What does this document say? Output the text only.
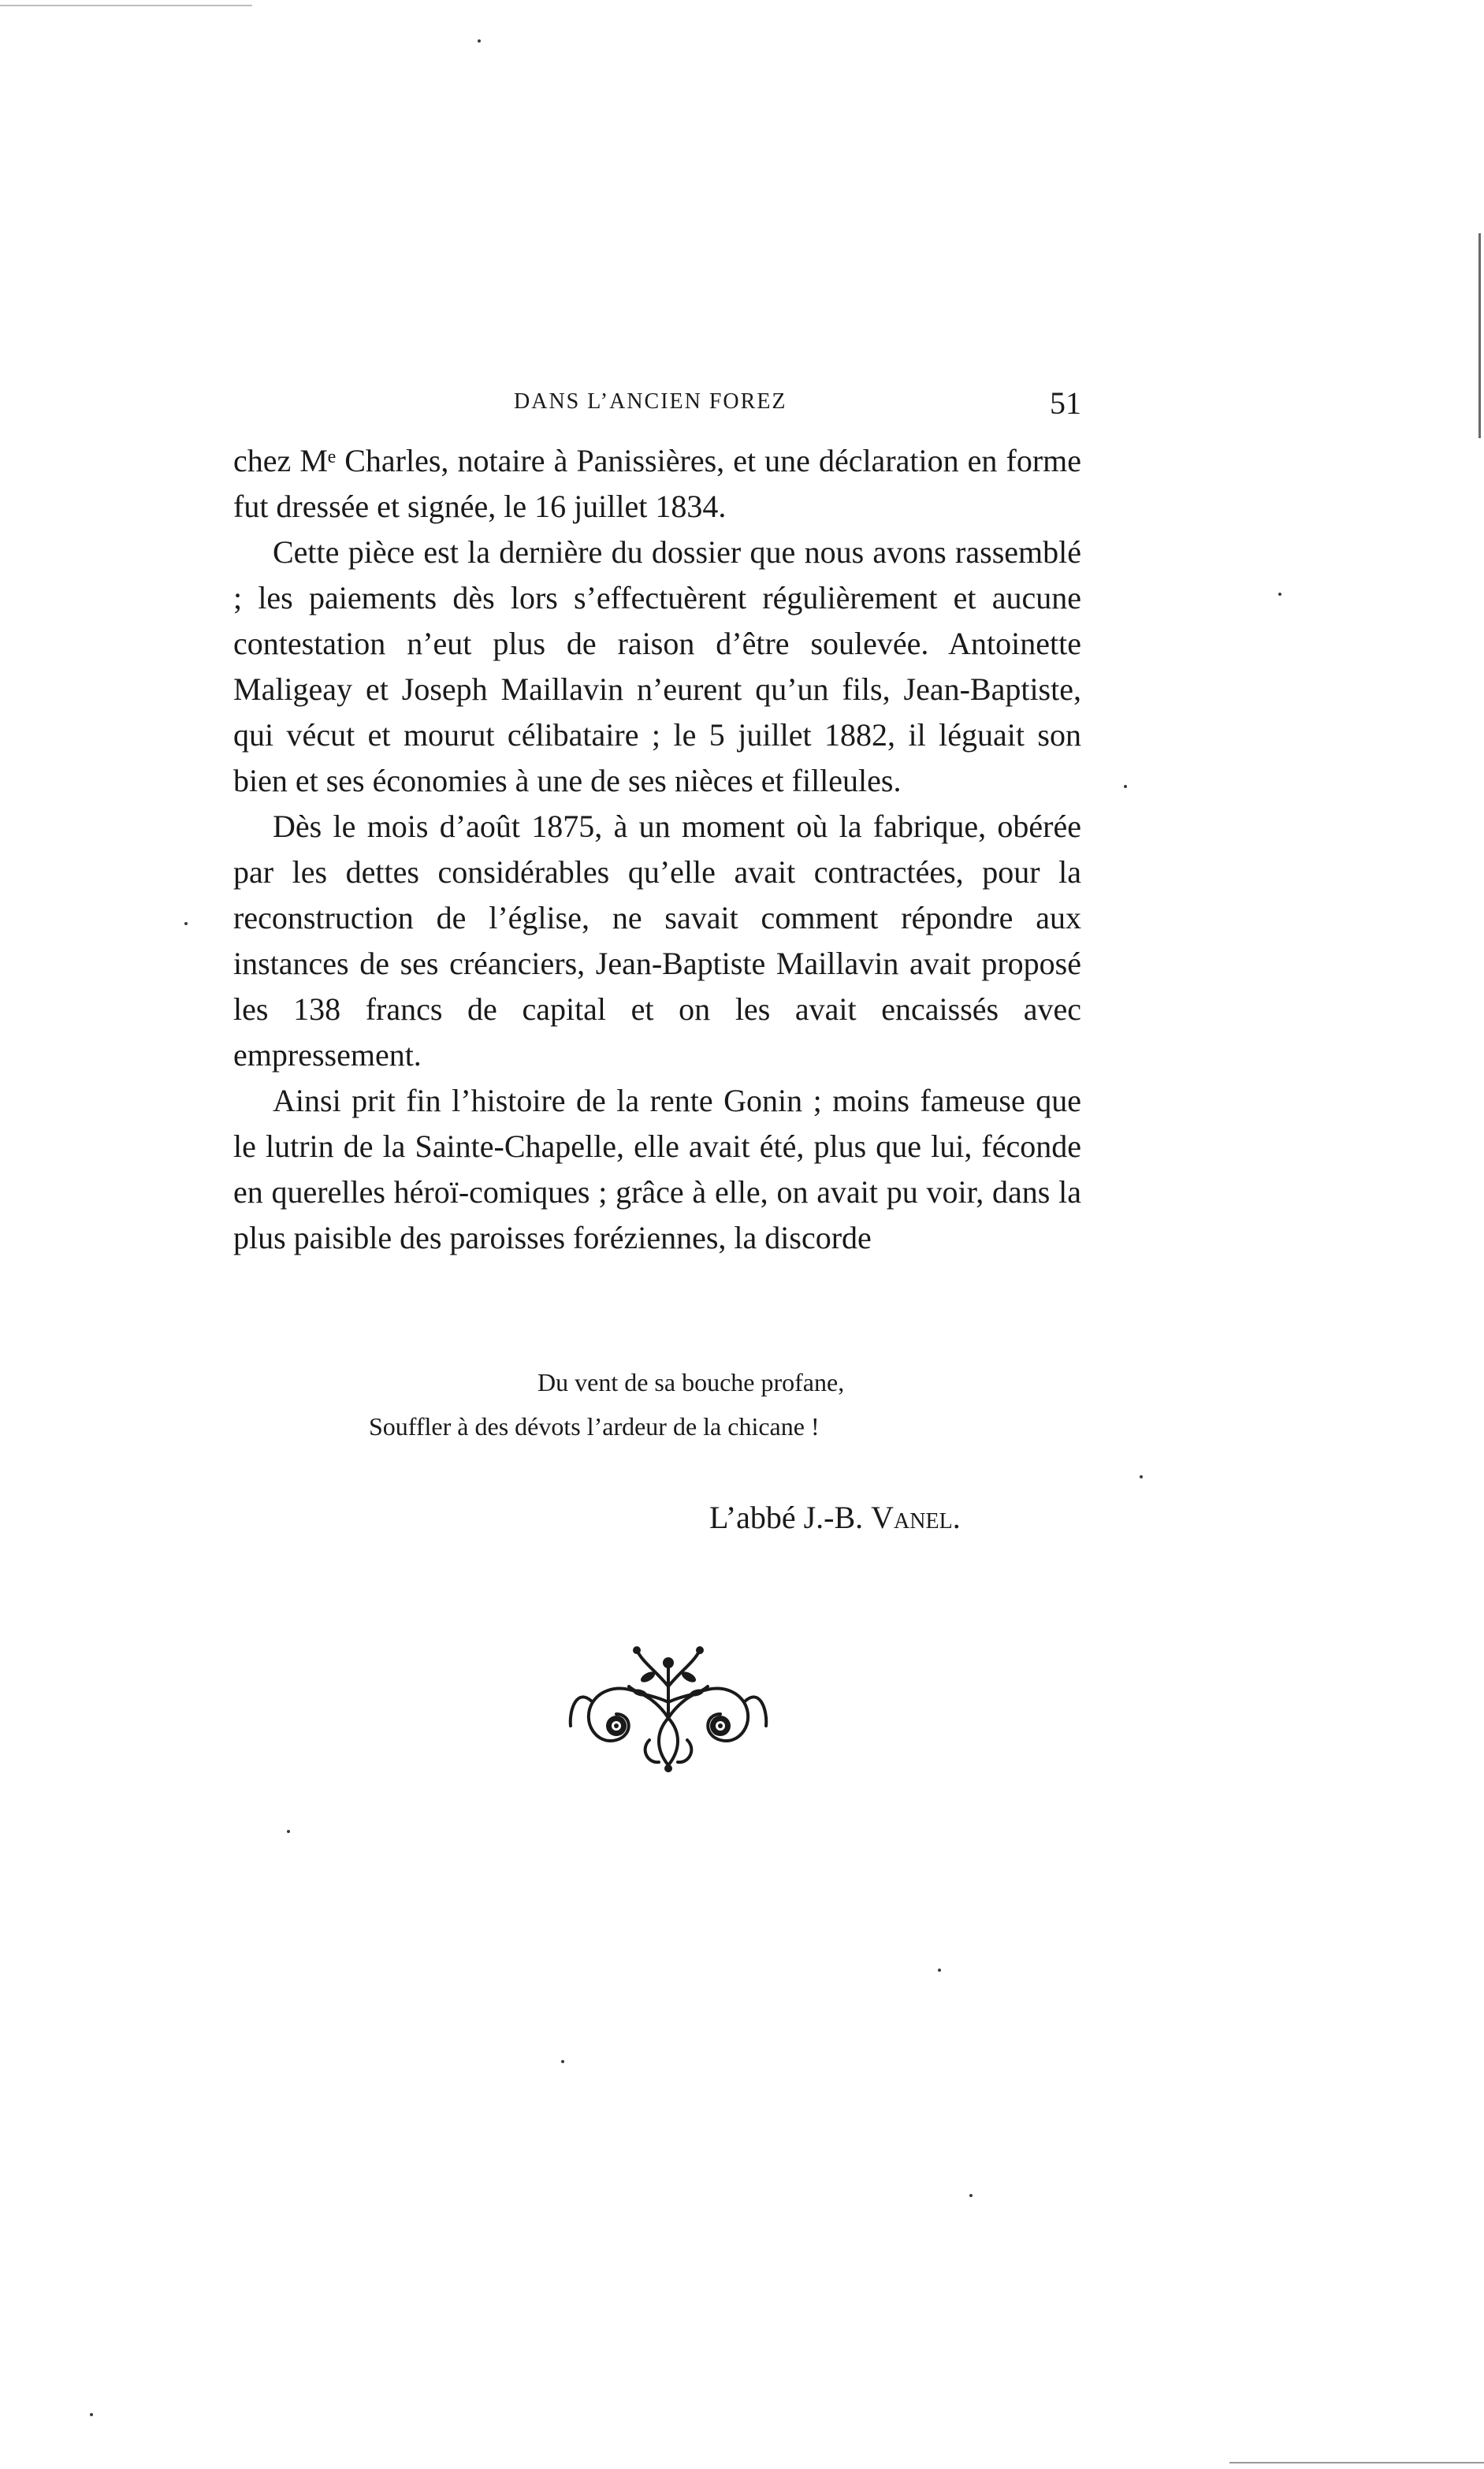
DANS L’ANCIEN FOREZ	51

chez Mᵉ Charles, notaire à Panissières, et une déclaration en forme fut dressée et signée, le 16 juillet 1834.

Cette pièce est la dernière du dossier que nous avons rassemblé ; les paiements dès lors s’effectuèrent régulièrement et aucune contestation n’eut plus de raison d’être soulevée. Antoinette Maligeay et Joseph Maillavin n’eurent qu’un fils, Jean-Baptiste, qui vécut et mourut célibataire ; le 5 juillet 1882, il léguait son bien et ses économies à une de ses nièces et filleules.

Dès le mois d’août 1875, à un moment où la fabrique, obérée par les dettes considérables qu’elle avait contractées, pour la reconstruction de l’église, ne savait comment répondre aux instances de ses créanciers, Jean-Baptiste Maillavin avait proposé les 138 francs de capital et on les avait encaissés avec empressement.

Ainsi prit fin l’histoire de la rente Gonin ; moins fameuse que le lutrin de la Sainte-Chapelle, elle avait été, plus que lui, féconde en querelles héroï-comiques ; grâce à elle, on avait pu voir, dans la plus paisible des paroisses foréziennes, la discorde

Du vent de sa bouche profane,
Souffler à des dévots l’ardeur de la chicane !
L’abbé J.-B. Vanel.
